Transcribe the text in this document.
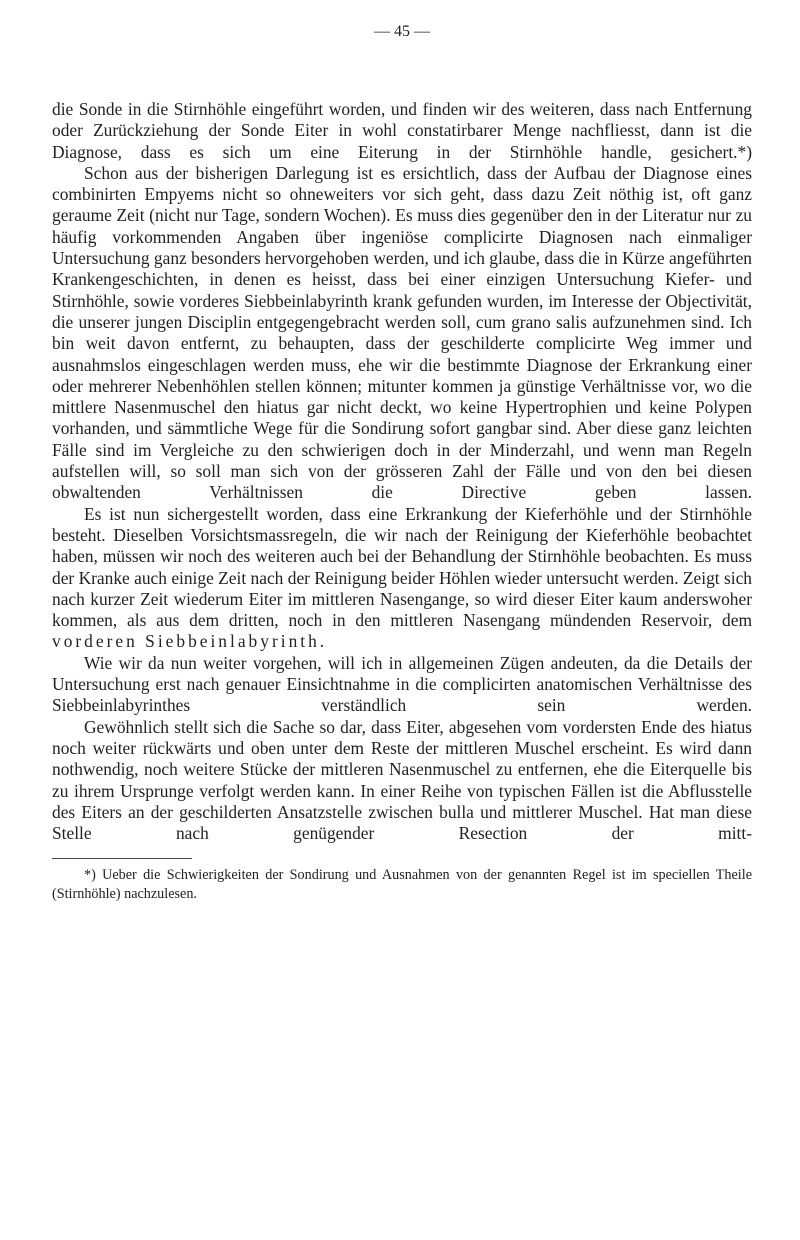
— 45 —

die Sonde in die Stirnhöhle eingeführt worden, und finden wir des weiteren, dass nach Entfernung oder Zurückziehung der Sonde Eiter in wohl constatirbarer Menge nachfliesst, dann ist die Diagnose, dass es sich um eine Eiterung in der Stirnhöhle handle, gesichert.*)

Schon aus der bisherigen Darlegung ist es ersichtlich, dass der Aufbau der Diagnose eines combinirten Empyems nicht so ohneweiters vor sich geht, dass dazu Zeit nöthig ist, oft ganz geraume Zeit (nicht nur Tage, sondern Wochen). Es muss dies gegenüber den in der Literatur nur zu häufig vorkommenden Angaben über ingeniöse complicirte Diagnosen nach einmaliger Untersuchung ganz besonders hervorgehoben werden, und ich glaube, dass die in Kürze angeführten Krankengeschichten, in denen es heisst, dass bei einer einzigen Untersuchung Kiefer- und Stirnhöhle, sowie vorderes Siebbeinlabyrinth krank gefunden wurden, im Interesse der Objectivität, die unserer jungen Disciplin entgegengebracht werden soll, cum grano salis aufzunehmen sind. Ich bin weit davon entfernt, zu behaupten, dass der geschilderte complicirte Weg immer und ausnahmslos eingeschlagen werden muss, ehe wir die bestimmte Diagnose der Erkrankung einer oder mehrerer Nebenhöhlen stellen können; mitunter kommen ja günstige Verhältnisse vor, wo die mittlere Nasenmuschel den hiatus gar nicht deckt, wo keine Hypertrophien und keine Polypen vorhanden, und sämmtliche Wege für die Sondirung sofort gangbar sind. Aber diese ganz leichten Fälle sind im Vergleiche zu den schwierigen doch in der Minderzahl, und wenn man Regeln aufstellen will, so soll man sich von der grösseren Zahl der Fälle und von den bei diesen obwaltenden Verhältnissen die Directive geben lassen.

Es ist nun sichergestellt worden, dass eine Erkrankung der Kieferhöhle und der Stirnhöhle besteht. Dieselben Vorsichtsmassregeln, die wir nach der Reinigung der Kieferhöhle beobachtet haben, müssen wir noch des weiteren auch bei der Behandlung der Stirnhöhle beobachten. Es muss der Kranke auch einige Zeit nach der Reinigung beider Höhlen wieder untersucht werden. Zeigt sich nach kurzer Zeit wiederum Eiter im mittleren Nasengange, so wird dieser Eiter kaum anderswoher kommen, als aus dem dritten, noch in den mittleren Nasengang mündenden Reservoir, dem vorderen Siebbeinlabyrinth.

Wie wir da nun weiter vorgehen, will ich in allgemeinen Zügen andeuten, da die Details der Untersuchung erst nach genauer Einsichtnahme in die complicirten anatomischen Verhältnisse des Siebbeinlabyrinthes verständlich sein werden.

Gewöhnlich stellt sich die Sache so dar, dass Eiter, abgesehen vom vordersten Ende des hiatus noch weiter rückwärts und oben unter dem Reste der mittleren Muschel erscheint. Es wird dann nothwendig, noch weitere Stücke der mittleren Nasenmuschel zu entfernen, ehe die Eiterquelle bis zu ihrem Ursprunge verfolgt werden kann. In einer Reihe von typischen Fällen ist die Abflusstelle des Eiters an der geschilderten Ansatzstelle zwischen bulla und mittlerer Muschel. Hat man diese Stelle nach genügender Resection der mitt-

*) Ueber die Schwierigkeiten der Sondirung und Ausnahmen von der genannten Regel ist im speciellen Theile (Stirnhöhle) nachzulesen.
